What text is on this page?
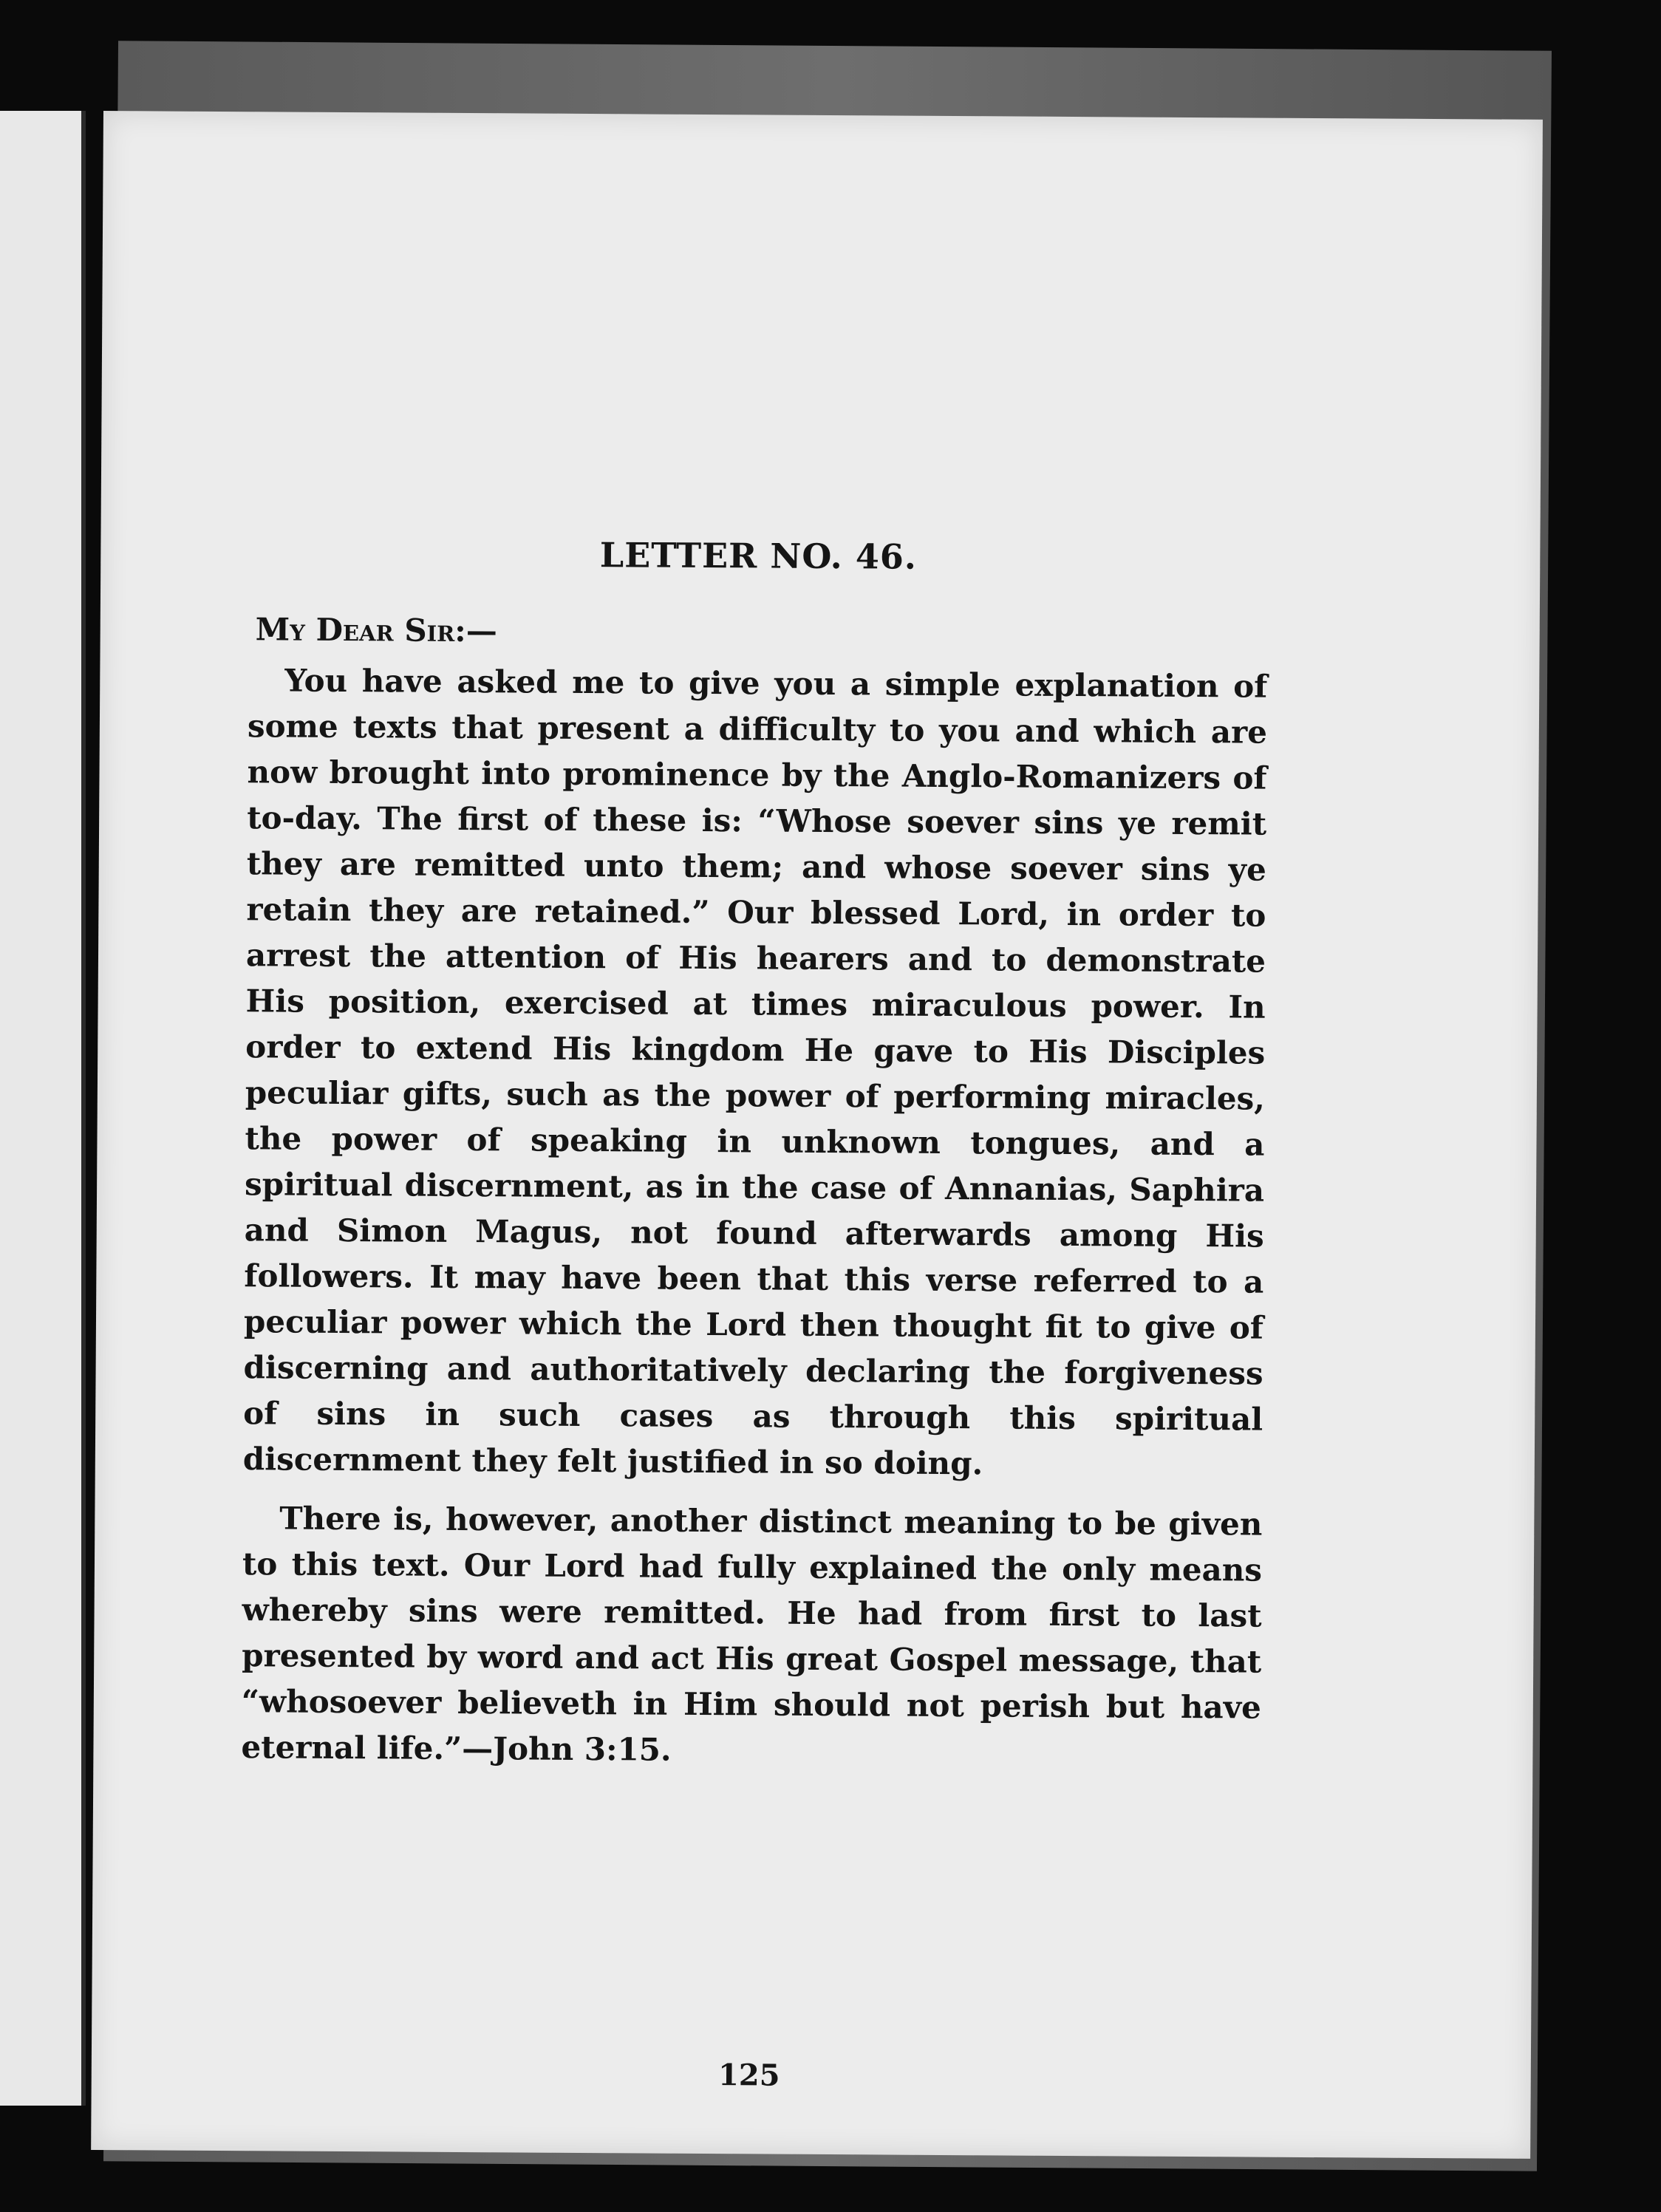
LETTER NO. 46.
My Dear Sir:—

You have asked me to give you a simple explanation of some texts that present a difficulty to you and which are now brought into prominence by the Anglo-Romanizers of to-day. The first of these is: “Whose soever sins ye remit they are remitted unto them; and whose soever sins ye retain they are retained.” Our blessed Lord, in order to arrest the attention of His hearers and to demonstrate His position, exercised at times miraculous power. In order to extend His kingdom He gave to His Disciples peculiar gifts, such as the power of performing miracles, the power of speaking in unknown tongues, and a spiritual discernment, as in the case of Annanias, Saphira and Simon Magus, not found afterwards among His followers. It may have been that this verse referred to a peculiar power which the Lord then thought fit to give of discerning and authoritatively declaring the forgiveness of sins in such cases as through this spiritual discernment they felt justified in so doing.

There is, however, another distinct meaning to be given to this text. Our Lord had fully explained the only means whereby sins were remitted. He had from first to last presented by word and act His great Gospel message, that “whosoever believeth in Him should not perish but have eternal life.”—John 3:15.

125
